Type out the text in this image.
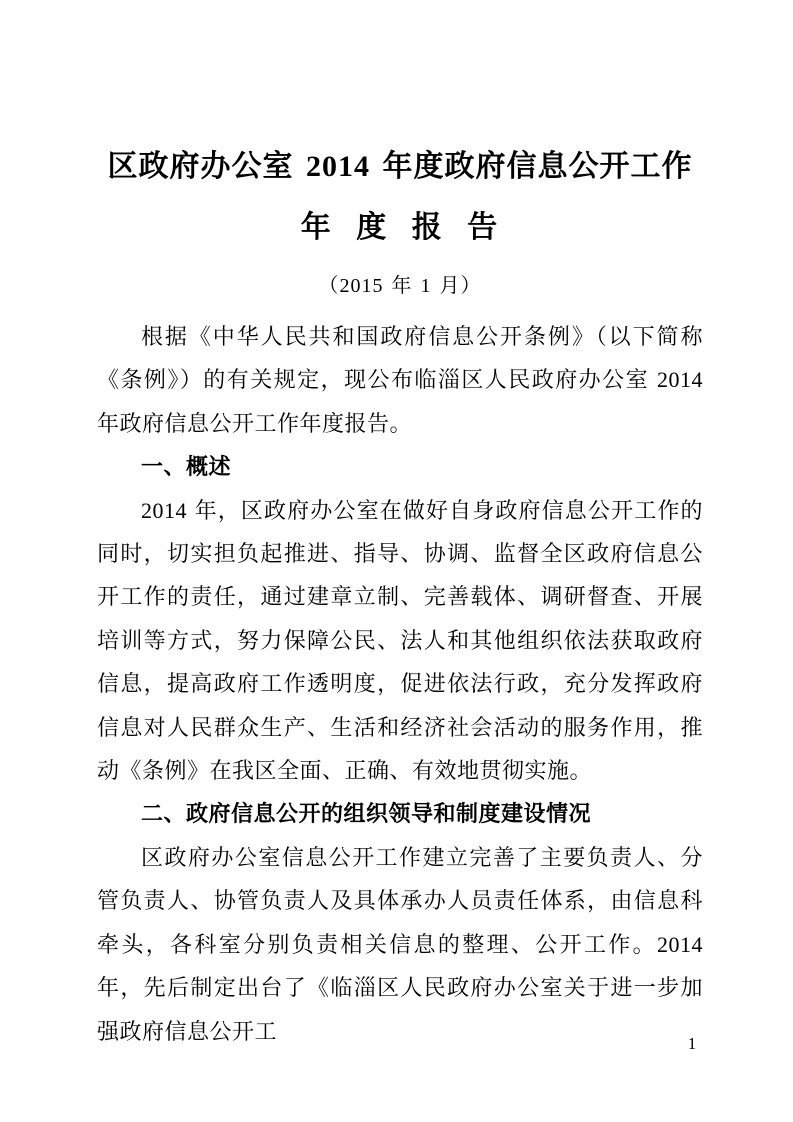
区政府办公室 2014 年度政府信息公开工作
年 度 报 告

（2015 年 1 月）

根据《中华人民共和国政府信息公开条例》（以下简称《条例》）的有关规定，现公布临淄区人民政府办公室 2014 年政府信息公开工作年度报告。

一、概述

2014 年，区政府办公室在做好自身政府信息公开工作的同时，切实担负起推进、指导、协调、监督全区政府信息公开工作的责任，通过建章立制、完善载体、调研督查、开展培训等方式，努力保障公民、法人和其他组织依法获取政府信息，提高政府工作透明度，促进依法行政，充分发挥政府信息对人民群众生产、生活和经济社会活动的服务作用，推动《条例》在我区全面、正确、有效地贯彻实施。

二、政府信息公开的组织领导和制度建设情况

区政府办公室信息公开工作建立完善了主要负责人、分管负责人、协管负责人及具体承办人员责任体系，由信息科牵头，各科室分别负责相关信息的整理、公开工作。2014 年，先后制定出台了《临淄区人民政府办公室关于进一步加强政府信息公开工	1
